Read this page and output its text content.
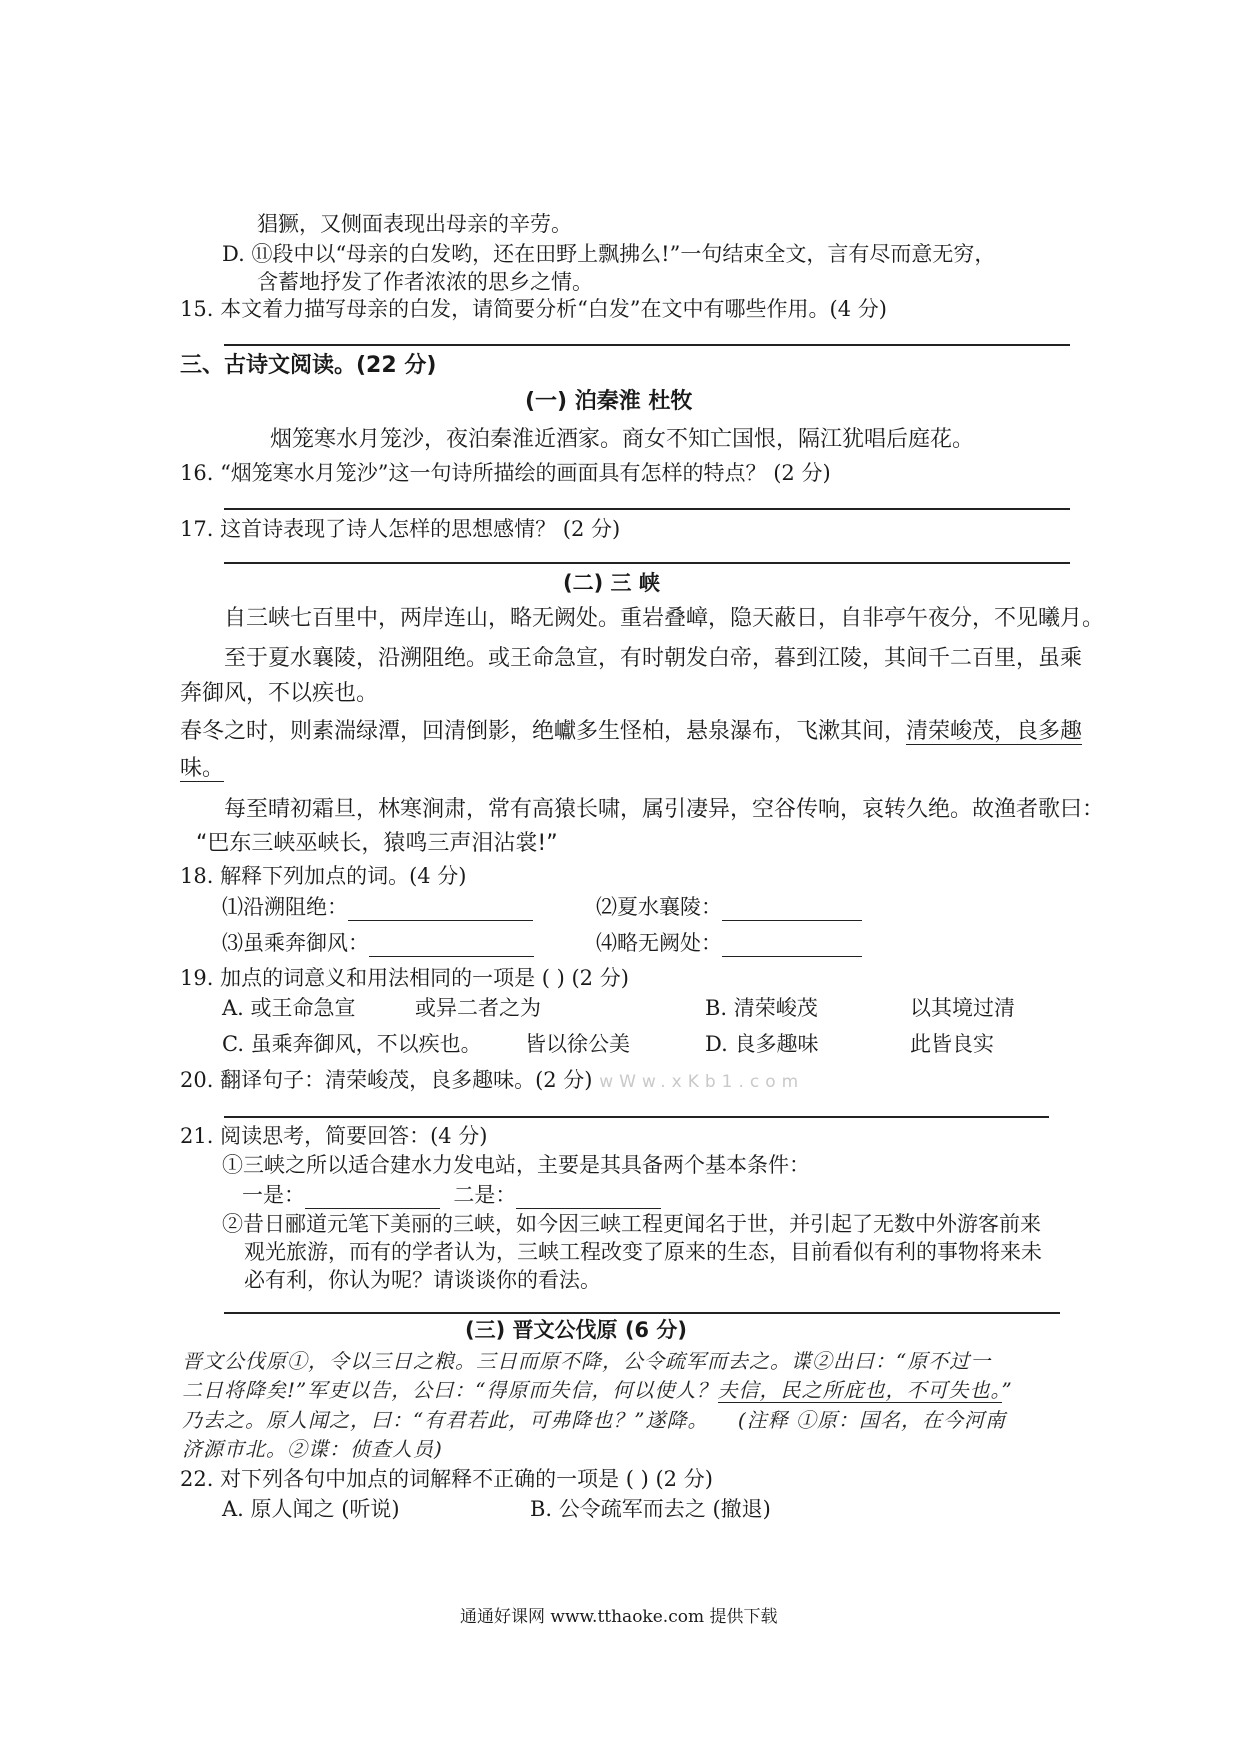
猖獗，又侧面表现出母亲的辛劳。
D. ⑪段中以“母亲的白发哟，还在田野上飘拂么!”一句结束全文，言有尽而意无穷，
含蓄地抒发了作者浓浓的思乡之情。
15. 本文着力描写母亲的白发，请简要分析“白发”在文中有哪些作用。(4 分)
三、古诗文阅读。(22 分)
(一) 泊秦淮 杜牧
烟笼寒水月笼沙，夜泊秦淮近酒家。商女不知亡国恨，隔江犹唱后庭花。
16. “烟笼寒水月笼沙”这一句诗所描绘的画面具有怎样的特点？ (2 分)
17. 这首诗表现了诗人怎样的思想感情？ (2 分)
(二) 三 峡
自三峡七百里中，两岸连山，略无阙处。重岩叠嶂，隐天蔽日，自非亭午夜分，不见曦月。
至于夏水襄陵，沿溯阻绝。或王命急宣，有时朝发白帝，暮到江陵，其间千二百里，虽乘
奔御风，不以疾也。
春冬之时，则素湍绿潭，回清倒影，绝巘多生怪柏，悬泉瀑布，飞漱其间，清荣峻茂，良多趣
味。
每至晴初霜旦，林寒涧肃，常有高猿长啸，属引凄异，空谷传响，哀转久绝。故渔者歌曰：
“巴东三峡巫峡长，猿鸣三声泪沾裳!”
18. 解释下列加点的词。(4 分)
⑴沿溯阻绝：	⑵夏水襄陵：
⑶虽乘奔御风：	⑷略无阙处：
19. 加点的词意义和用法相同的一项是 ( ) (2 分)
A. 或王命急宣	或异二者之为	B. 清荣峻茂	以其境过清
C. 虽乘奔御风，不以疾也。 皆以徐公美	D. 良多趣味	此皆良实
20. 翻译句子：清荣峻茂，良多趣味。(2 分) wWw.xKb1.com
21. 阅读思考，简要回答：(4 分)
①三峡之所以适合建水力发电站，主要是其具备两个基本条件：
一是：	二是：
②昔日郦道元笔下美丽的三峡，如今因三峡工程更闻名于世，并引起了无数中外游客前来
观光旅游，而有的学者认为，三峡工程改变了原来的生态，目前看似有利的事物将来未
必有利，你认为呢？请谈谈你的看法。
(三) 晋文公伐原 (6 分)
晋文公伐原①，令以三日之粮。三日而原不降，公令疏军而去之。谍②出曰：“原不过一
二日将降矣!”军吏以告，公曰：“得原而失信，何以使人？夫信，民之所庇也，不可失也。”
乃去之。原人闻之，曰：“有君若此，可弗降也？”遂降。 (注释 ①原：国名，在今河南
济源市北。②谍：侦查人员)
22. 对下列各句中加点的词解释不正确的一项是 ( ) (2 分)
A. 原人闻之 (听说)	B. 公令疏军而去之 (撤退)
通通好课网 www.tthaoke.com 提供下载
